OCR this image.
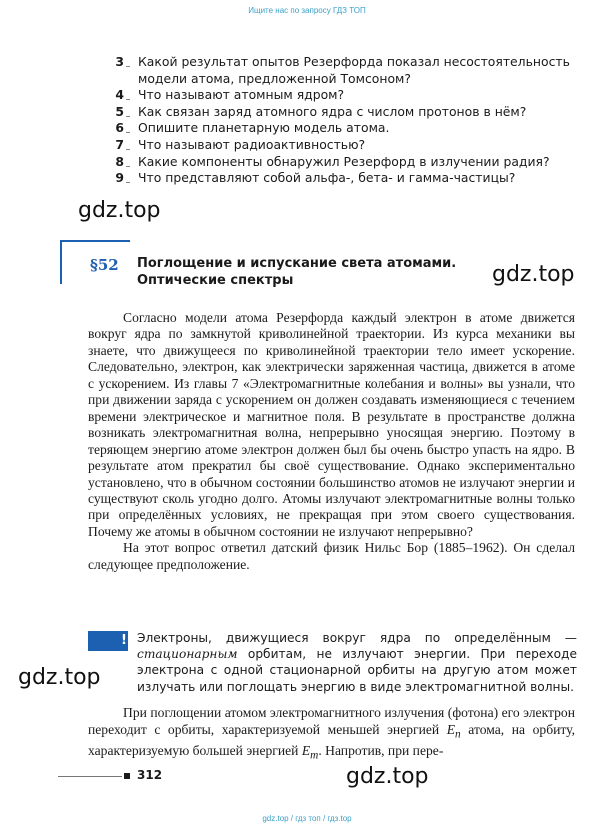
Ищите нас по запросу ГДЗ ТОП
3 Какой результат опытов Резерфорда показал несостоятельность модели атома, предложенной Томсоном?
4 Что называют атомным ядром?
5 Как связан заряд атомного ядра с числом протонов в нём?
6 Опишите планетарную модель атома.
7 Что называют радиоактивностью?
8 Какие компоненты обнаружил Резерфорд в излучении радия?
9 Что представляют собой альфа-, бета- и гамма-частицы?
gdz.top
gdz.top
gdz.top
gdz.top
§52 Поглощение и испускание света атомами.
Оптические спектры

Согласно модели атома Резерфорда каждый электрон в атоме движется вокруг ядра по замкнутой криволинейной траектории. Из курса механики вы знаете, что движущееся по криволинейной траектории тело имеет ускорение. Следовательно, электрон, как электрически заряженная частица, движется в атоме с ускорением. Из главы 7 «Электромагнитные колебания и волны» вы узнали, что при движении заряда с ускорением он должен создавать изменяющиеся с течением времени электрическое и магнитное поля. В результате в пространстве должна возникать электромагнитная волна, непрерывно уносящая энергию. Поэтому в теряющем энергию атоме электрон должен был бы очень быстро упасть на ядро. В результате атом прекратил бы своё существование. Однако экспериментально установлено, что в обычном состоянии большинство атомов не излучают энергии и существуют сколь угодно долго. Атомы излучают электромагнитные волны только при определённых условиях, не прекращая при этом своего существования. Почему же атомы в обычном состоянии не излучают непрерывно?

На этот вопрос ответил датский физик Нильс Бор (1885–1962). Он сделал следующее предположение.

! Электроны, движущиеся вокруг ядра по определённым — стационарным орбитам, не излучают энергии. При переходе электрона с одной стационарной орбиты на другую атом может излучать или поглощать энергию в виде электромагнитной волны.

При поглощении атомом электромагнитного излучения (фотона) его электрон переходит с орбиты, характеризуемой меньшей энергией $E_n$ атома, на орбиту, характеризуемую большей энергией $E_m$. Напротив, при пере-

312
gdz.top / гдз топ / гдз.top
